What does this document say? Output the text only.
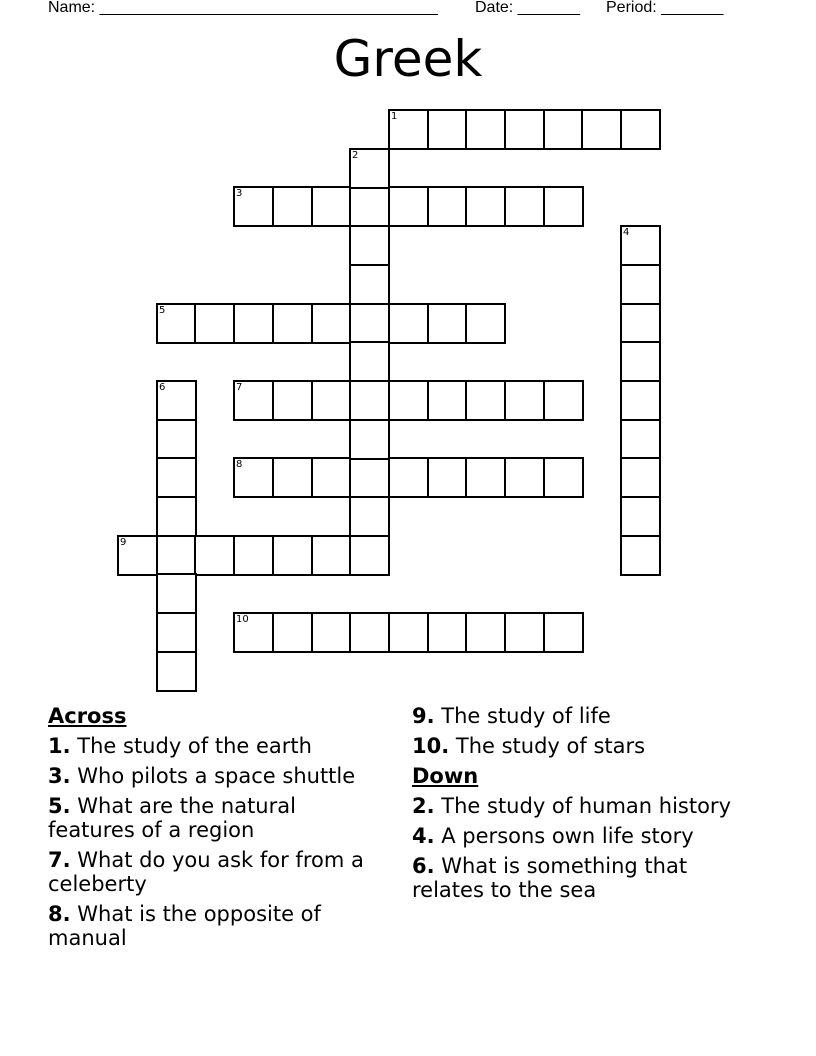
Name: ______________________________________ Date: _______ Period: _______
Greek
1
3
5
7
8
9
10
2
4
6
Across
1. The study of the earth
3. Who pilots a space shuttle
5. What are the natural features of a region
7. What do you ask for from a celeberty
8. What is the opposite of manual
9. The study of life
10. The study of stars
Down
2. The study of human history
4. A persons own life story
6. What is something that relates to the sea
